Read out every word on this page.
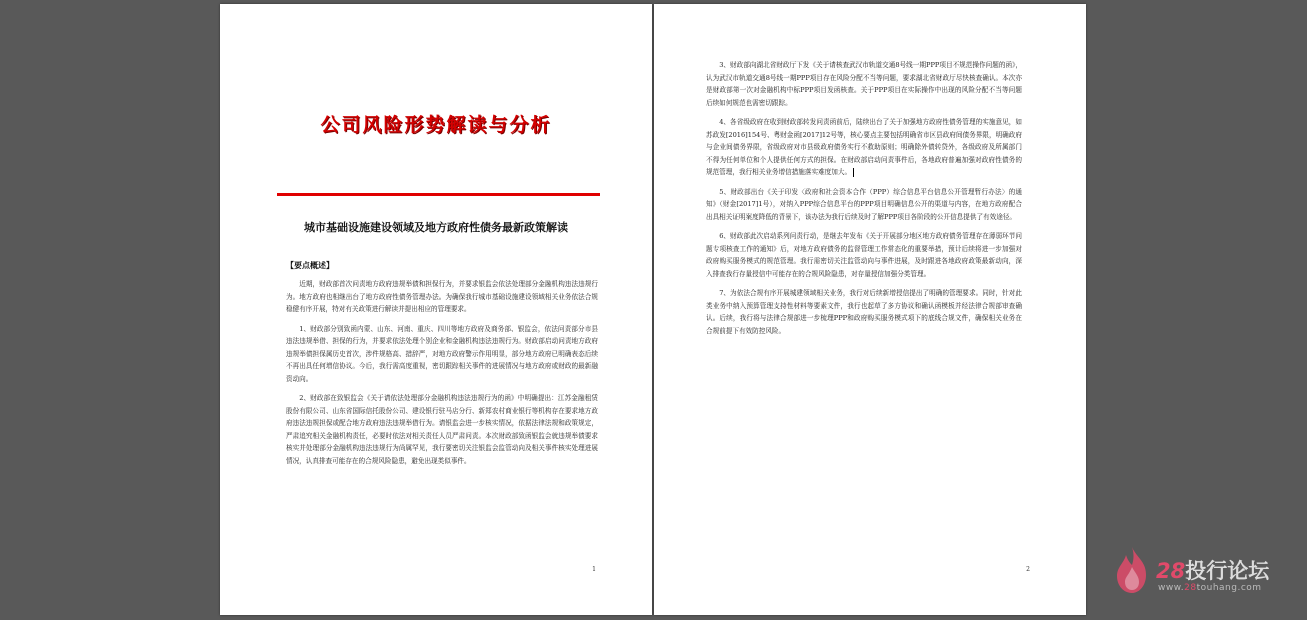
公司风险形势解读与分析
城市基础设施建设领域及地方政府性债务最新政策解读
【要点概述】

近期，财政部首次问责地方政府违规举债和担保行为，并要求银监会依法处理部分金融机构违法违规行为。地方政府也相继出台了地方政府性债务管理办法。为确保我行城市基础设施建设领域相关业务依法合规稳健有序开展，特对有关政策进行解读并提出相应的管理要求。

1、财政部分别致函内蒙、山东、河南、重庆、四川等地方政府及商务部、银监会，依法问责部分市县违法违规举借、担保的行为，并要求依法处理个别企业和金融机构违法违规行为。财政部启动问责地方政府违规举债担保属历史首次，涉件规格高、措辞严，对地方政府警示作用明显，部分地方政府已明确表态后续不再出具任何增信协议。今后，我行需高度重视，密切跟踪相关事件的进展情况与地方政府或财政的最新融资动向。

2、财政部在致银监会《关于请依法处理部分金融机构违法违规行为的函》中明确提出：江苏金融租赁股份有限公司、山东省国际信托股份公司、建设银行驻马店分行、新郑农村商业银行等机构存在要求地方政府违法违规担保或配合地方政府违法违规举借行为。请银监会进一步核实情况，依据法律法规和政策规定，严肃追究相关金融机构责任，必要时依法对相关责任人员严肃问责。本次财政部致函银监会就违规举债要求核实并处理部分金融机构违法违规行为尚属罕见，我行要密切关注银监会监管动向及相关事件核实处理进展情况，认真排查可能存在的合规风险隐患，避免出现类似事件。

1

3、财政部向湖北省财政厅下发《关于请核查武汉市轨道交通8号线一期PPP项目不规范操作问题的函》，认为武汉市轨道交通8号线一期PPP项目存在风险分配不当等问题，要求湖北省财政厅尽快核查确认。本次亦是财政部第一次对金融机构中标PPP项目发函核查。关于PPP项目在实际操作中出现的风险分配不当等问题后续如何规范也需密切跟踪。

4、各省级政府在收到财政部转发问责函前后，陆续出台了关于加强地方政府性债务管理的实施意见，如苏政发[2016]154号、粤财金函[2017]12号等，核心要点主要包括明确省市区县政府间债务界限，明确政府与企业间债务界限，省级政府对市县级政府债务实行不救助原则；明确除外债转贷外，各级政府及所属部门不得为任何单位和个人提供任何方式的担保。在财政部启动问责事件后，各地政府普遍加强对政府性债务的规范管理，我行相关业务增信措施落实难度加大。

5、财政部出台《关于印发〈政府和社会资本合作（PPP）综合信息平台信息公开管理暂行办法〉的通知》（财金[2017]1号），对纳入PPP综合信息平台的PPP项目明确信息公开的渠道与内容，在地方政府配合出具相关证明案度降低的背景下，该办法为我行后续及时了解PPP项目各阶段的公开信息提供了有效途径。

6、财政部此次启动系列问责行动，是继去年发布《关于开展部分地区地方政府债务管理存在薄弱环节问题专项核查工作的通知》后，对地方政府债务的监督管理工作常态化的重要举措，预计后续将进一步加强对政府购买服务模式的规范管理。我行需密切关注监管动向与事件进展，及时跟进各地政府政策最新动向，深入排查我行存量授信中可能存在的合规风险隐患，对存量授信加强分类管理。

7、为依法合规有序开展城建领域相关业务，我行对后续新增授信提出了明确的管理要求。同时，针对此类业务中纳入预算管理支持性材料等要素文件，我行也起草了多方协议和确认函模板并经法律合规部审查确认。后续，我行将与法律合规部进一步梳理PPP和政府购买服务模式项下的底线合规文件，确保相关业务在合规前提下有效防控风险。

2	28投行论坛
www.28touhang.com
